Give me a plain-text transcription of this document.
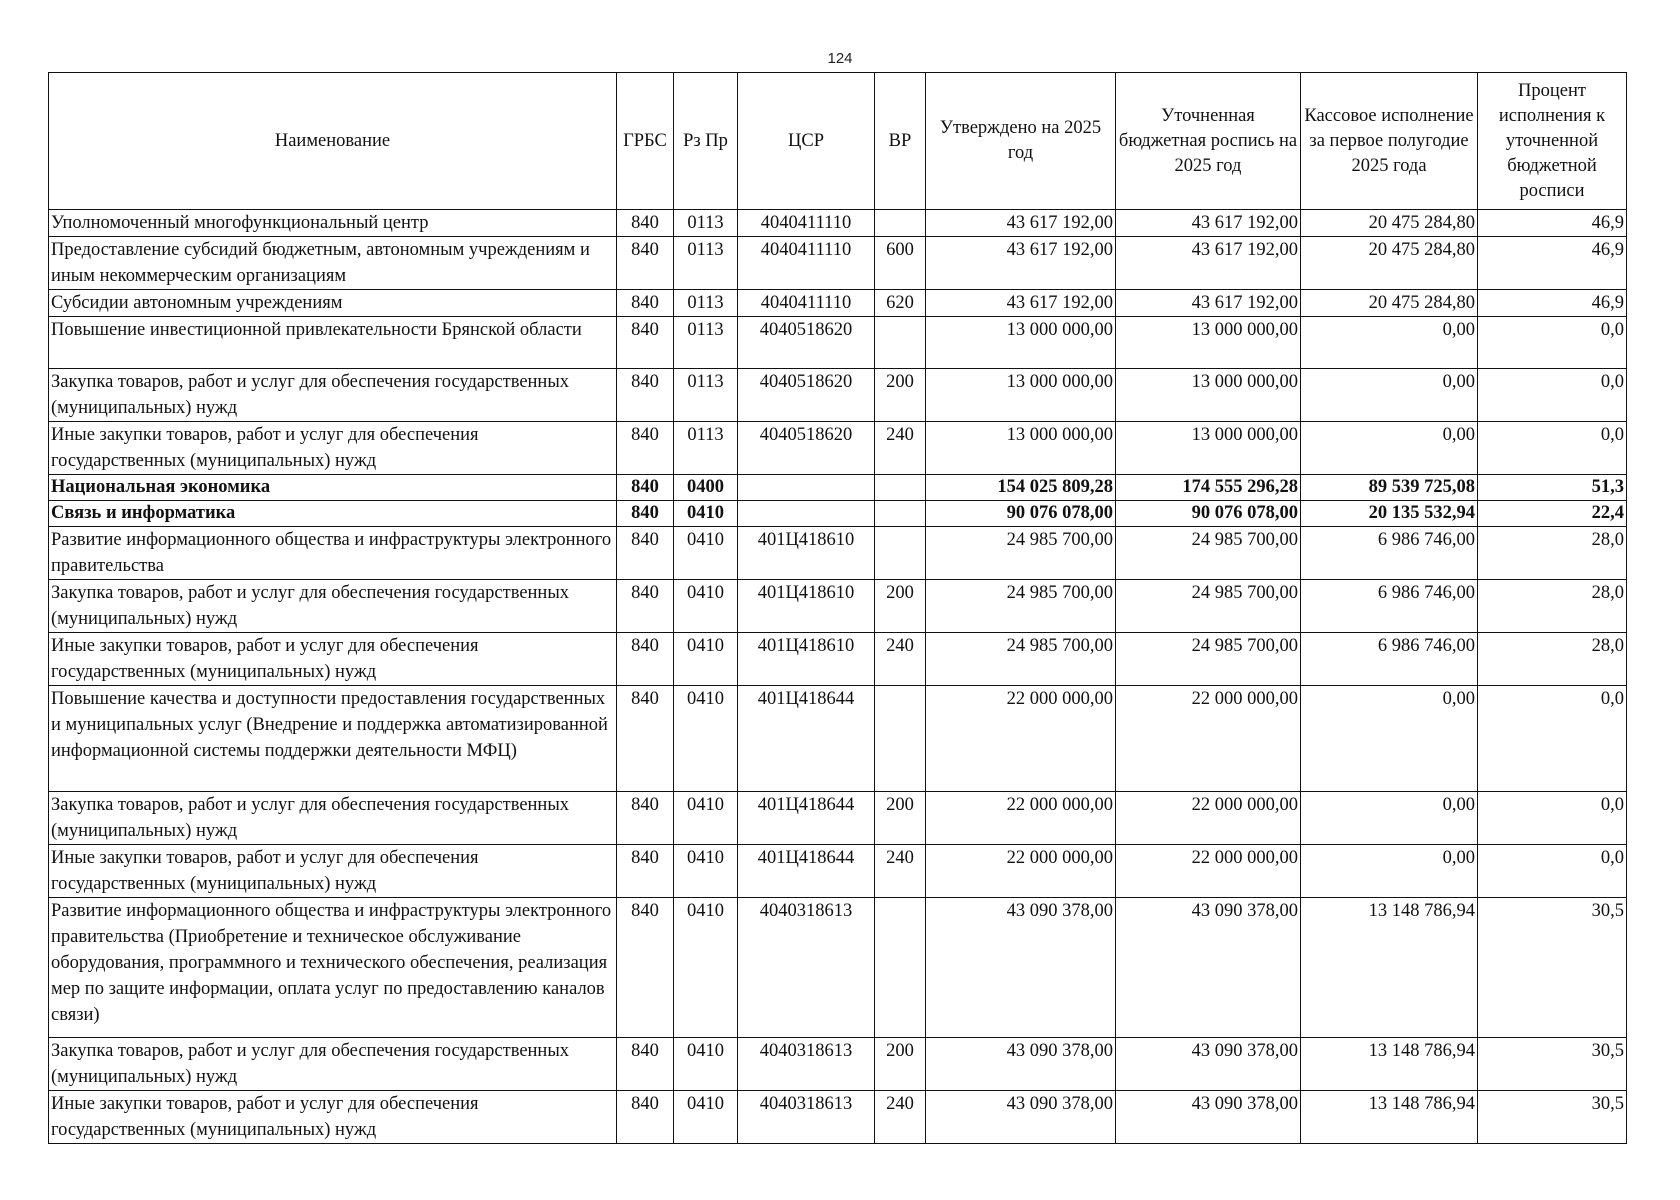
124
Наименование	ГРБС	Рз Пр	ЦСР	ВР	Утверждено на 2025 год	Уточненная бюджетная роспись на 2025 год	Кассовое исполнение за первое полугодие 2025 года	Процент исполнения к уточненной бюджетной росписи
Уполномоченный многофункциональный центр	840	0113	4040411110		43 617 192,00	43 617 192,00	20 475 284,80	46,9
Предоставление субсидий бюджетным, автономным учреждениям и иным некоммерческим организациям	840	0113	4040411110	600	43 617 192,00	43 617 192,00	20 475 284,80	46,9
Субсидии автономным учреждениям	840	0113	4040411110	620	43 617 192,00	43 617 192,00	20 475 284,80	46,9
Повышение инвестиционной привлекательности Брянской области	840	0113	4040518620		13 000 000,00	13 000 000,00	0,00	0,0
Закупка товаров, работ и услуг для обеспечения государственных (муниципальных) нужд	840	0113	4040518620	200	13 000 000,00	13 000 000,00	0,00	0,0
Иные закупки товаров, работ и услуг для обеспечения государственных (муниципальных) нужд	840	0113	4040518620	240	13 000 000,00	13 000 000,00	0,00	0,0
Национальная экономика	840	0400			154 025 809,28	174 555 296,28	89 539 725,08	51,3
Связь и информатика	840	0410			90 076 078,00	90 076 078,00	20 135 532,94	22,4
Развитие информационного общества и инфраструктуры электронного правительства	840	0410	401Ц418610		24 985 700,00	24 985 700,00	6 986 746,00	28,0
Закупка товаров, работ и услуг для обеспечения государственных (муниципальных) нужд	840	0410	401Ц418610	200	24 985 700,00	24 985 700,00	6 986 746,00	28,0
Иные закупки товаров, работ и услуг для обеспечения государственных (муниципальных) нужд	840	0410	401Ц418610	240	24 985 700,00	24 985 700,00	6 986 746,00	28,0
Повышение качества и доступности предоставления государственных и муниципальных услуг (Внедрение и поддержка автоматизированной информационной системы поддержки деятельности МФЦ)	840	0410	401Ц418644		22 000 000,00	22 000 000,00	0,00	0,0
Закупка товаров, работ и услуг для обеспечения государственных (муниципальных) нужд	840	0410	401Ц418644	200	22 000 000,00	22 000 000,00	0,00	0,0
Иные закупки товаров, работ и услуг для обеспечения государственных (муниципальных) нужд	840	0410	401Ц418644	240	22 000 000,00	22 000 000,00	0,00	0,0
Развитие информационного общества и инфраструктуры электронного правительства (Приобретение и техническое обслуживание оборудования, программного и технического обеспечения, реализация мер по защите информации, оплата услуг по предоставлению каналов связи)	840	0410	4040318613		43 090 378,00	43 090 378,00	13 148 786,94	30,5
Закупка товаров, работ и услуг для обеспечения государственных (муниципальных) нужд	840	0410	4040318613	200	43 090 378,00	43 090 378,00	13 148 786,94	30,5
Иные закупки товаров, работ и услуг для обеспечения государственных (муниципальных) нужд	840	0410	4040318613	240	43 090 378,00	43 090 378,00	13 148 786,94	30,5
